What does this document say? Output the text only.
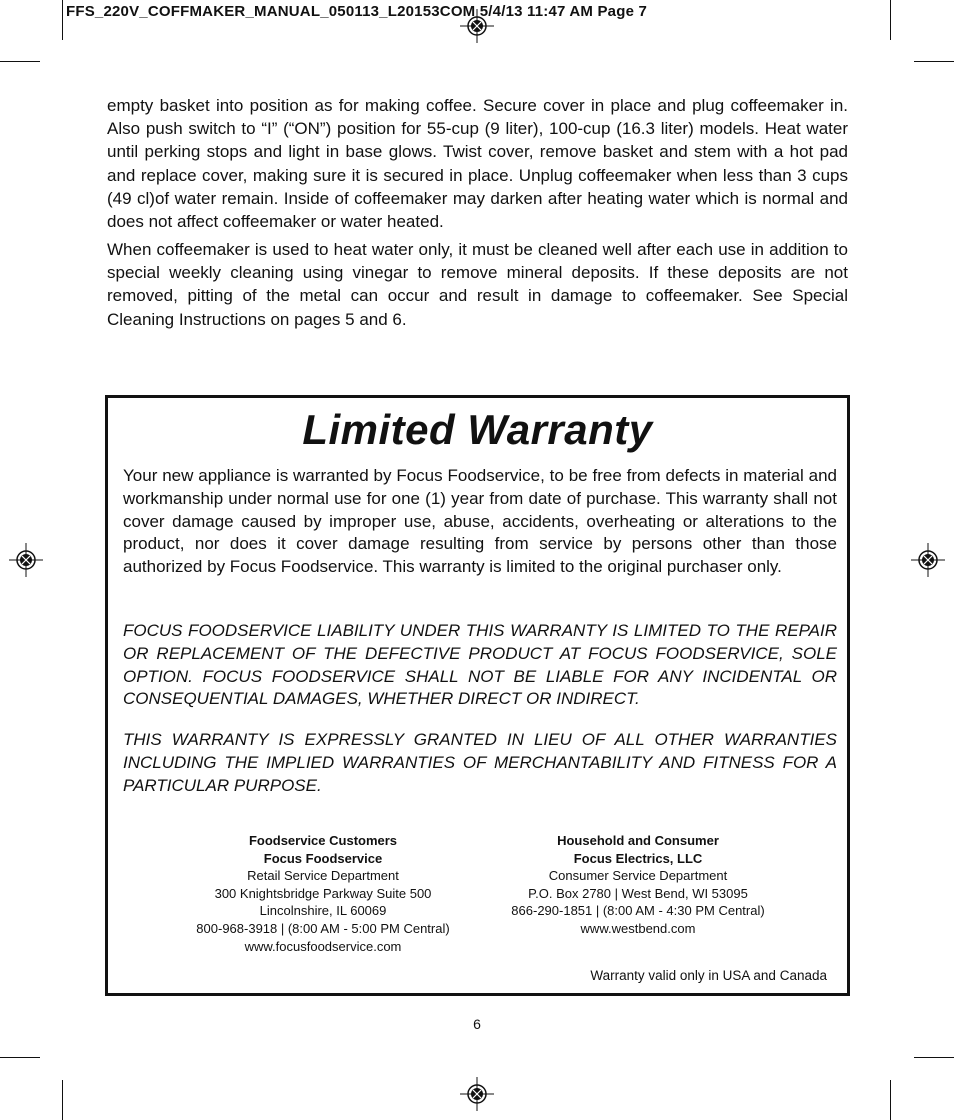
FFS_220V_COFFMAKER_MANUAL_050113_L20153COM 5/4/13 11:47 AM Page 7

empty basket into position as for making coffee. Secure cover in place and plug coffeemaker in. Also push switch to “I” (“ON”) position for 55-cup (9 liter), 100-cup (16.3 liter) models. Heat water until perking stops and light in base glows. Twist cover, remove basket and stem with a hot pad and replace cover, making sure it is secured in place. Unplug coffeemaker when less than 3 cups (49 cl)of water remain. Inside of coffeemaker may darken after heating water which is normal and does not affect coffeemaker or water heated.

When coffeemaker is used to heat water only, it must be cleaned well after each use in addition to special weekly cleaning using vinegar to remove mineral deposits. If these deposits are not removed, pitting of the metal can occur and result in damage to coffeemaker. See Special Cleaning Instructions on pages 5 and 6.

Limited Warranty

Your new appliance is warranted by Focus Foodservice, to be free from defects in material and workmanship under normal use for one (1) year from date of purchase. This warranty shall not cover damage caused by improper use, abuse, accidents, overheating or alterations to the product, nor does it cover damage resulting from service by persons other than those authorized by Focus Foodservice. This warranty is limited to the original purchaser only.

FOCUS FOODSERVICE LIABILITY UNDER THIS WARRANTY IS LIMITED TO THE REPAIR OR REPLACEMENT OF THE DEFECTIVE PRODUCT AT FOCUS FOODSERVICE, SOLE OPTION. FOCUS FOODSERVICE SHALL NOT BE LIABLE FOR ANY INCIDENTAL OR CONSEQUENTIAL DAMAGES, WHETHER DIRECT OR INDIRECT.

THIS WARRANTY IS EXPRESSLY GRANTED IN LIEU OF ALL OTHER WARRANTIES INCLUDING THE IMPLIED WARRANTIES OF MERCHANTABILITY AND FITNESS FOR A PARTICULAR PURPOSE.

Foodservice Customers
Focus Foodservice
Retail Service Department
300 Knightsbridge Parkway Suite 500
Lincolnshire, IL 60069
800-968-3918 | (8:00 AM - 5:00 PM Central)
www.focusfoodservice.com
Household and Consumer
Focus Electrics, LLC
Consumer Service Department
P.O. Box 2780 | West Bend, WI 53095
866-290-1851 | (8:00 AM - 4:30 PM Central)
www.westbend.com
Warranty valid only in USA and Canada
6
